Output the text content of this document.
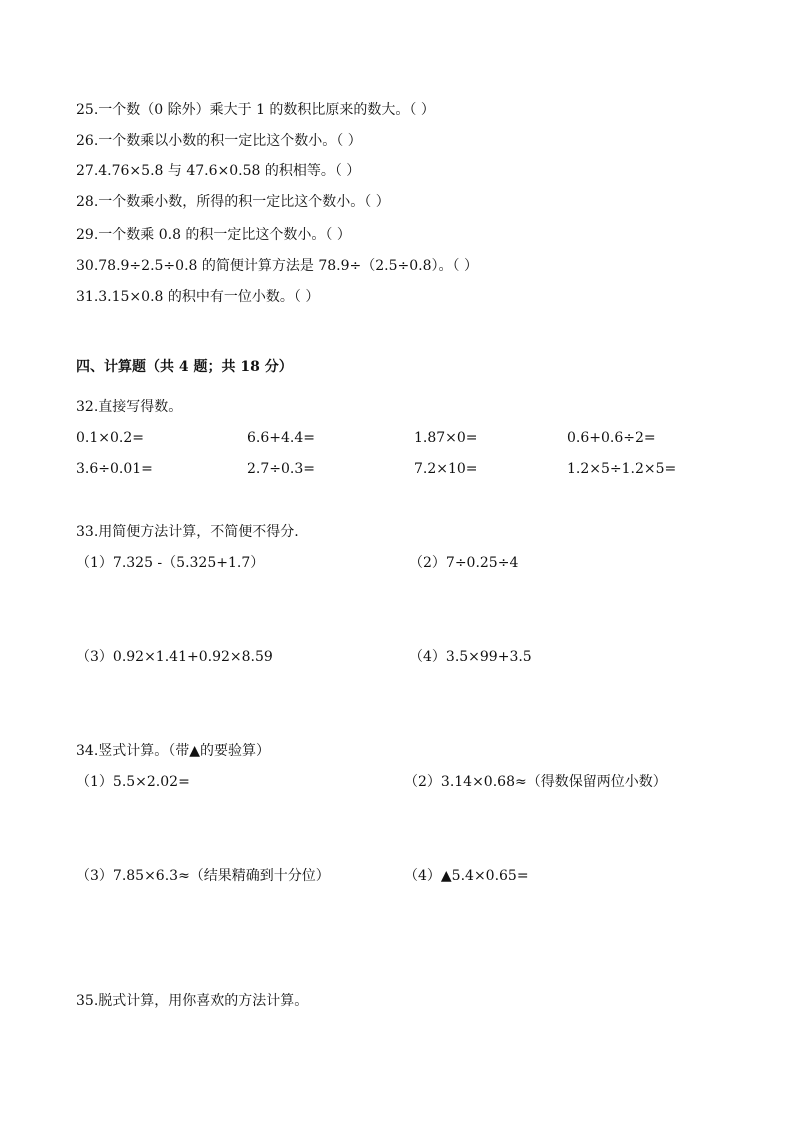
25.一个数（0 除外）乘大于 1 的数积比原来的数大。（ ）
26.一个数乘以小数的积一定比这个数小。（ ）
27.4.76×5.8 与 47.6×0.58 的积相等。（ ）
28.一个数乘小数，所得的积一定比这个数小。（ ）
29.一个数乘 0.8 的积一定比这个数小。（ ）
30.78.9÷2.5÷0.8 的简便计算方法是 78.9÷（2.5÷0.8）。（ ）
31.3.15×0.8 的积中有一位小数。（ ）
四、计算题（共 4 题；共 18 分）
32.直接写得数。
0.1×0.2=	6.6+4.4=	1.87×0=	0.6+0.6÷2=
3.6÷0.01=	2.7÷0.3=	7.2×10=	1.2×5÷1.2×5=
33.用简便方法计算，不简便不得分.
（1）7.325 -（5.325+1.7）	（2）7÷0.25÷4
（3）0.92×1.41+0.92×8.59	（4）3.5×99+3.5
34.竖式计算。（带▲的要验算）
（1）5.5×2.02=	（2）3.14×0.68≈（得数保留两位小数）
（3）7.85×6.3≈（结果精确到十分位）	（4）▲5.4×0.65=
35.脱式计算，用你喜欢的方法计算。
